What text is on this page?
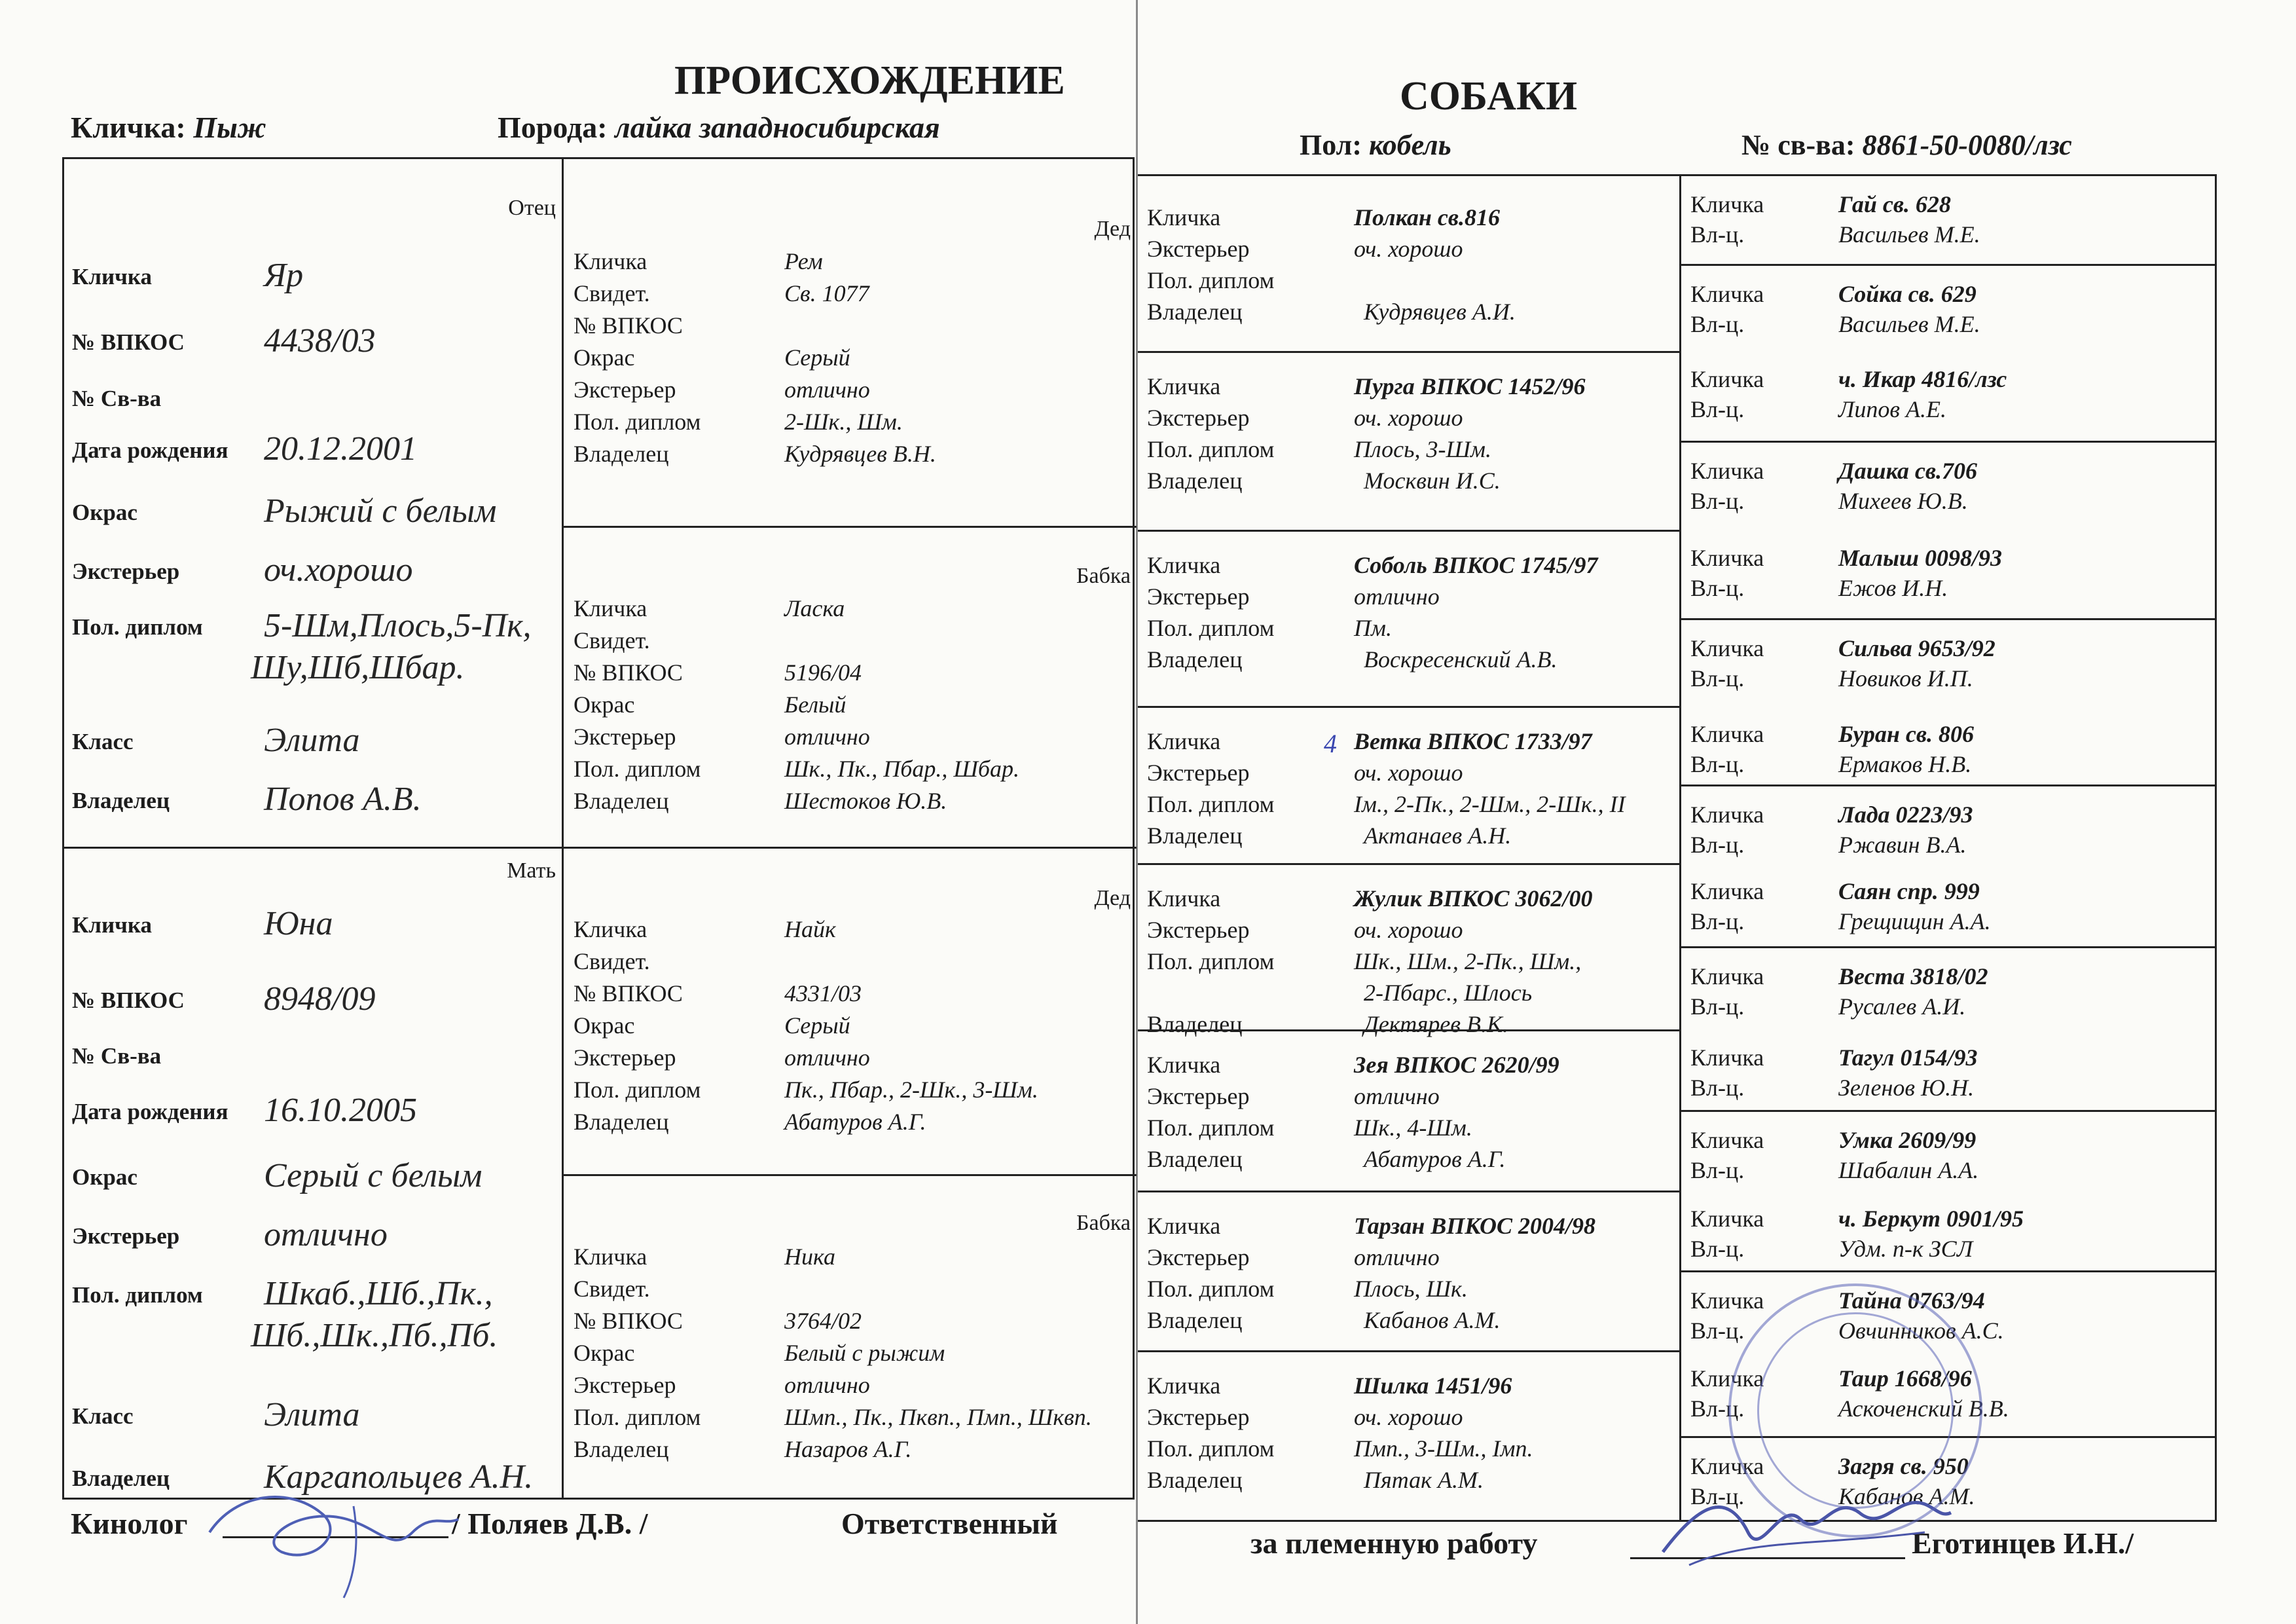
ПРОИСХОЖДЕНИЕ	СОБАКИ
Кличка: Пыж	Порода: лайка западносибирская
Пол: кобель	№ св-ва: 8861-50-0080/лзс
Отец
Кличка	Яр
№ ВПКОС 4438/03
№ Св-ва
Дата рождения 20.12.2001
Окрас	Рыжий с белым
Экстерьер оч.хорошо
Пол. диплом 5-Шм,Плось,5-Пк,
Шу,Шб,Шбар.
Класс	Элита
Владелец	Попов А.В.
Мать
Кличка	Юна
№ ВПКОС 8948/09
№ Св-ва
Дата рождения 16.10.2005
Окрас	Серый с белым
Экстерьер отлично
Пол. диплом Шкаб.,Шб.,Пк.,
Шб.,Шк.,Пб.,Пб.
Класс	Элита
Владелец	Каргапольцев А.Н.
Дед
Кличка	Рем
Свидет.	Св. 1077
№ ВПКОС
Окрас	Серый
Экстерьер	отлично
Пол. диплом	2-Шк., Шм.
Владелец	Кудрявцев В.Н.
Бабка
Кличка	Ласка
Свидет.
№ ВПКОС	5196/04
Окрас	Белый
Экстерьер	отлично
Пол. диплом	Шк., Пк., Пбар., Шбар.
Владелец	Шестоков Ю.В.
Дед
Кличка	Найк
Свидет.
№ ВПКОС	4331/03
Окрас	Серый
Экстерьер	отлично
Пол. диплом	Пк., Пбар., 2-Шк., 3-Шм.
Владелец	Абатуров А.Г.
Бабка
Кличка	Ника
Свидет.
№ ВПКОС	3764/02
Окрас	Белый с рыжим
Экстерьер	отлично
Пол. диплом	Шмп., Пк., Пквп., Пмп., Шквп.
Владелец	Назаров А.Г.
Кличка	Полкан св.816
Экстерьер	оч. хорошо
Пол. диплом
Владелец	Кудрявцев А.И.
Кличка	Пурга ВПКОС 1452/96
Экстерьер	оч. хорошо
Пол. диплом	Плось, 3-Шм.
Владелец	Москвин И.С.
Кличка	Соболь ВПКОС 1745/97
Экстерьер	отлично
Пол. диплом	Пм.
Владелец	Воскресенский А.В.
Кличка	Ветка ВПКОС 1733/97
Экстерьер	оч. хорошо
Пол. диплом	Iм., 2-Пк., 2-Шм., 2-Шк., II
Владелец	Актанаев А.Н.
Кличка	Жулик ВПКОС 3062/00
Экстерьер	оч. хорошо
Пол. диплом	Шк., Шм., 2-Пк., Шм.,
2-Пбарс., Шлось
Владелец	Дектярев В.К.
Кличка	Зея ВПКОС 2620/99
Экстерьер	отлично
Пол. диплом	Шк., 4-Шм.
Владелец	Абатуров А.Г.
Кличка	Тарзан ВПКОС 2004/98
Экстерьер	отлично
Пол. диплом	Плось, Шк.
Владелец	Кабанов А.М.
Кличка	Шилка 1451/96
Экстерьер	оч. хорошо
Пол. диплом	Пмп., 3-Шм., Iмп.
Владелец	Пятак А.М.
Кличка	Гай св. 628
Вл-ц.	Васильев М.Е.
Кличка	Сойка св. 629
Вл-ц.	Васильев М.Е.
Кличка	ч. Икар 4816/лзс
Вл-ц.	Липов А.Е.
Кличка	Дашка св.706
Вл-ц.	Михеев Ю.В.
Кличка	Малыш 0098/93
Вл-ц.	Ежов И.Н.
Кличка	Сильва 9653/92
Вл-ц.	Новиков И.П.
Кличка	Буран св. 806
Вл-ц.	Ермаков Н.В.
Кличка	Лада 0223/93
Вл-ц.	Ржавин В.А.
Кличка	Саян спр. 999
Вл-ц.	Грещищин А.А.
Кличка	Веста 3818/02
Вл-ц.	Русалев А.И.
Кличка	Тагул 0154/93
Вл-ц.	Зеленов Ю.Н.
Кличка	Умка 2609/99
Вл-ц.	Шабалин А.А.
Кличка	ч. Беркут 0901/95
Вл-ц.	Удм. п-к ЗСЛ
Кличка	Тайна 0763/94
Вл-ц.	Овчинников А.С.
Кличка	Таир 1668/96
Вл-ц.	Аскоченский В.В.
Кличка	Загря св. 950
Вл-ц.	Кабанов А.М.
Кинолог	/ Поляев Д.В. /	Ответственный
за племенную работу	Еготинцев И.Н./
4
